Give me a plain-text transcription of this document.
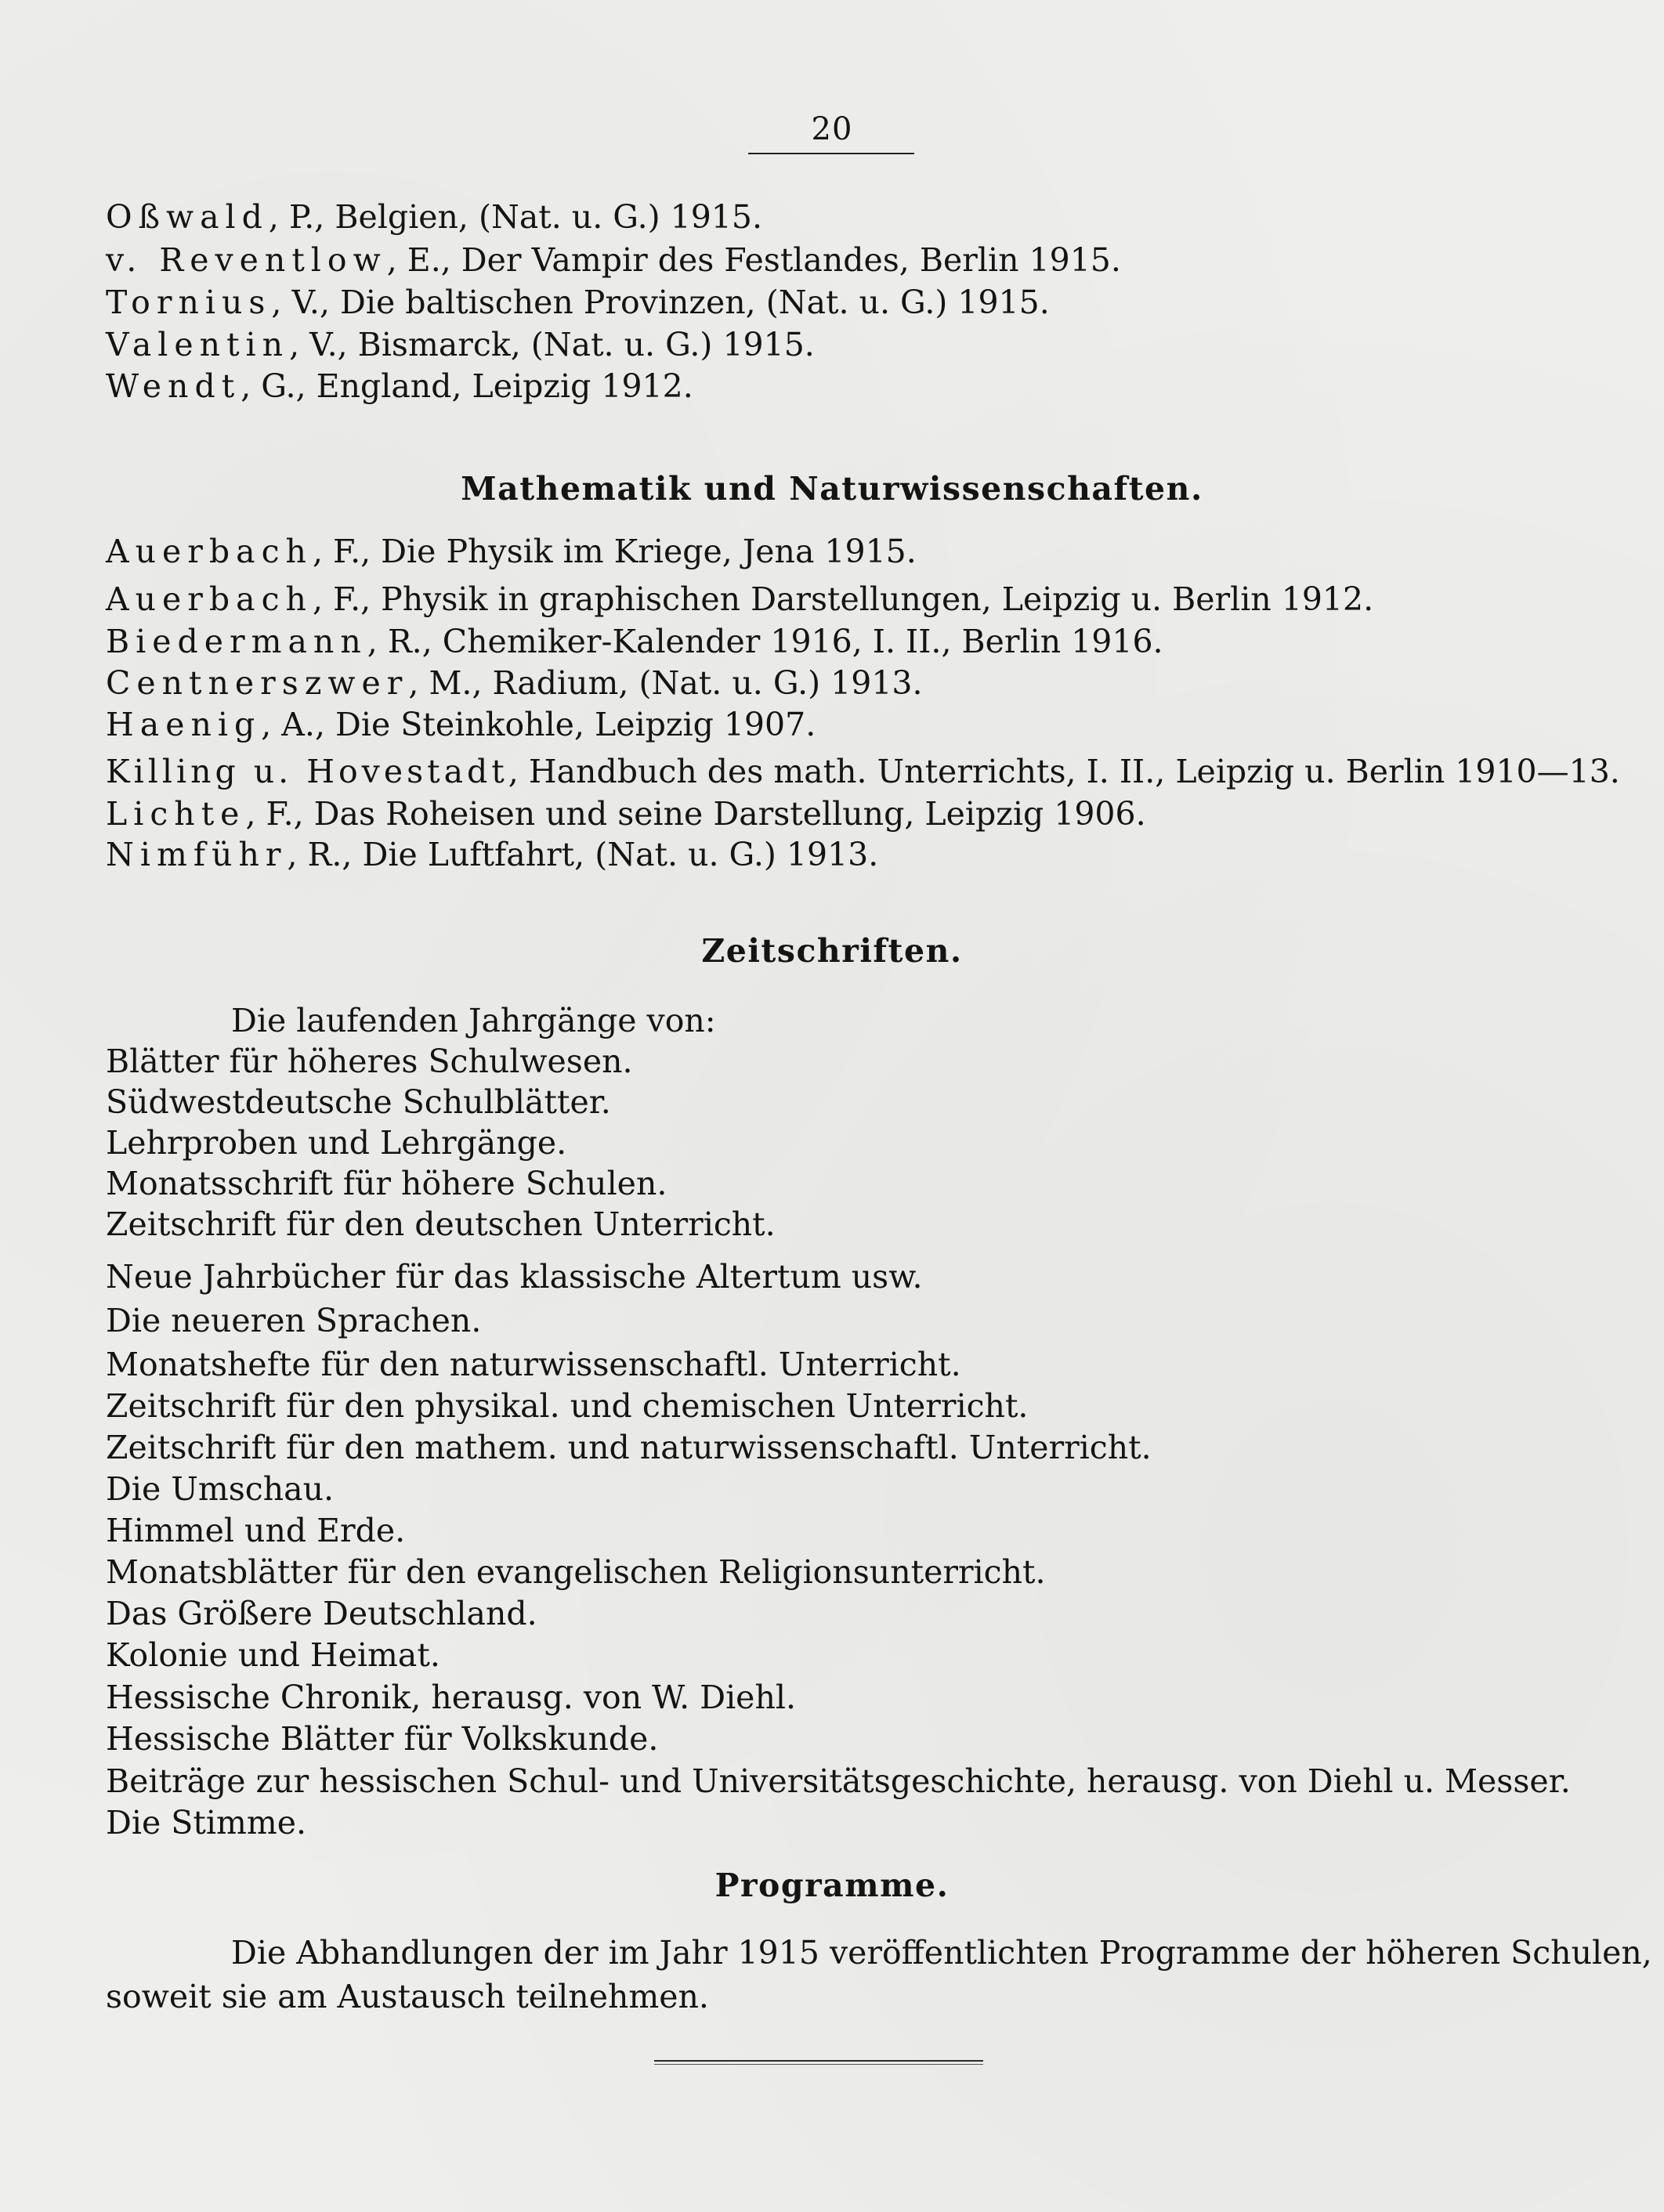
20
Oßwald, P., Belgien, (Nat. u. G.) 1915.
v. Reventlow, E., Der Vampir des Festlandes, Berlin 1915.
Tornius, V., Die baltischen Provinzen, (Nat. u. G.) 1915.
Valentin, V., Bismarck, (Nat. u. G.) 1915.
Wendt, G., England, Leipzig 1912.
Mathematik und Naturwissenschaften.
Auerbach, F., Die Physik im Kriege, Jena 1915.
Auerbach, F., Physik in graphischen Darstellungen, Leipzig u. Berlin 1912.
Biedermann, R., Chemiker-Kalender 1916, I. II., Berlin 1916.
Centnerszwer, M., Radium, (Nat. u. G.) 1913.
Haenig, A., Die Steinkohle, Leipzig 1907.
Killing u. Hovestadt, Handbuch des math. Unterrichts, I. II., Leipzig u. Berlin 1910—13.
Lichte, F., Das Roheisen und seine Darstellung, Leipzig 1906.
Nimführ, R., Die Luftfahrt, (Nat. u. G.) 1913.
Zeitschriften.
Die laufenden Jahrgänge von:
Blätter für höheres Schulwesen.
Südwestdeutsche Schulblätter.
Lehrproben und Lehrgänge.
Monatsschrift für höhere Schulen.
Zeitschrift für den deutschen Unterricht.
Neue Jahrbücher für das klassische Altertum usw.
Die neueren Sprachen.
Monatshefte für den naturwissenschaftl. Unterricht.
Zeitschrift für den physikal. und chemischen Unterricht.
Zeitschrift für den mathem. und naturwissenschaftl. Unterricht.
Die Umschau.
Himmel und Erde.
Monatsblätter für den evangelischen Religionsunterricht.
Das Größere Deutschland.
Kolonie und Heimat.
Hessische Chronik, herausg. von W. Diehl.
Hessische Blätter für Volkskunde.
Beiträge zur hessischen Schul- und Universitätsgeschichte, herausg. von Diehl u. Messer.
Die Stimme.
Programme.
Die Abhandlungen der im Jahr 1915 veröffentlichten Programme der höheren Schulen,
soweit sie am Austausch teilnehmen.
